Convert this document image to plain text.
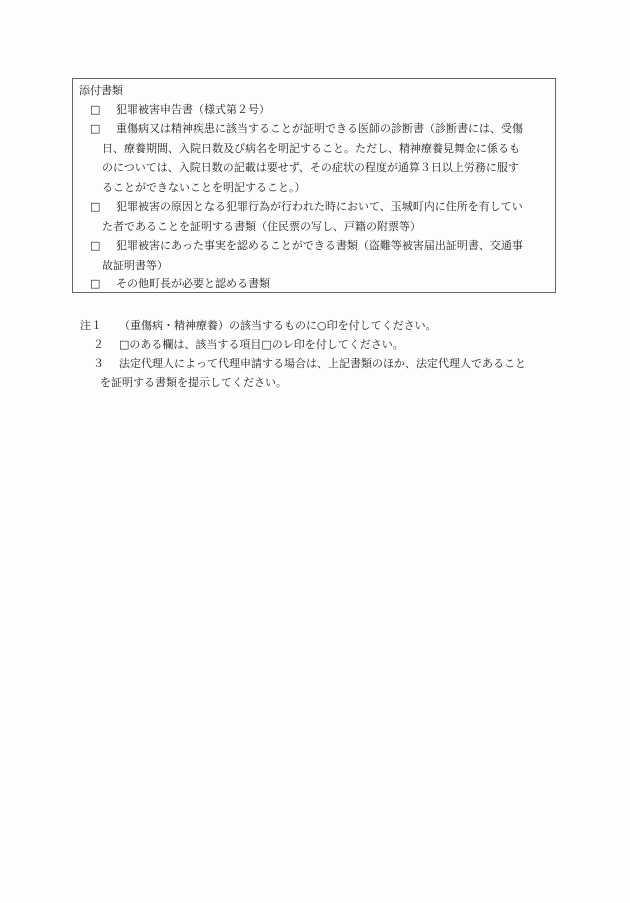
添付書類
□ 犯罪被害申告書（様式第２号）
□ 重傷病又は精神疾患に該当することが証明できる医師の診断書（診断書には、受傷
日、療養期間、入院日数及び病名を明記すること。ただし、精神療養見舞金に係るも
のについては、入院日数の記載は要せず、その症状の程度が通算３日以上労務に服す
ることができないことを明記すること。）
□ 犯罪被害の原因となる犯罪行為が行われた時において、玉城町内に住所を有してい
た者であることを証明する書類（住民票の写し、戸籍の附票等）
□ 犯罪被害にあった事実を認めることができる書類（盗難等被害届出証明書、交通事
故証明書等）
□ その他町長が必要と認める書類
注１ （重傷病・精神療養）の該当するものに○印を付してください。
２ □のある欄は、該当する項目□のレ印を付してください。
３ 法定代理人によって代理申請する場合は、上記書類のほか、法定代理人であること
を証明する書類を提示してください。
